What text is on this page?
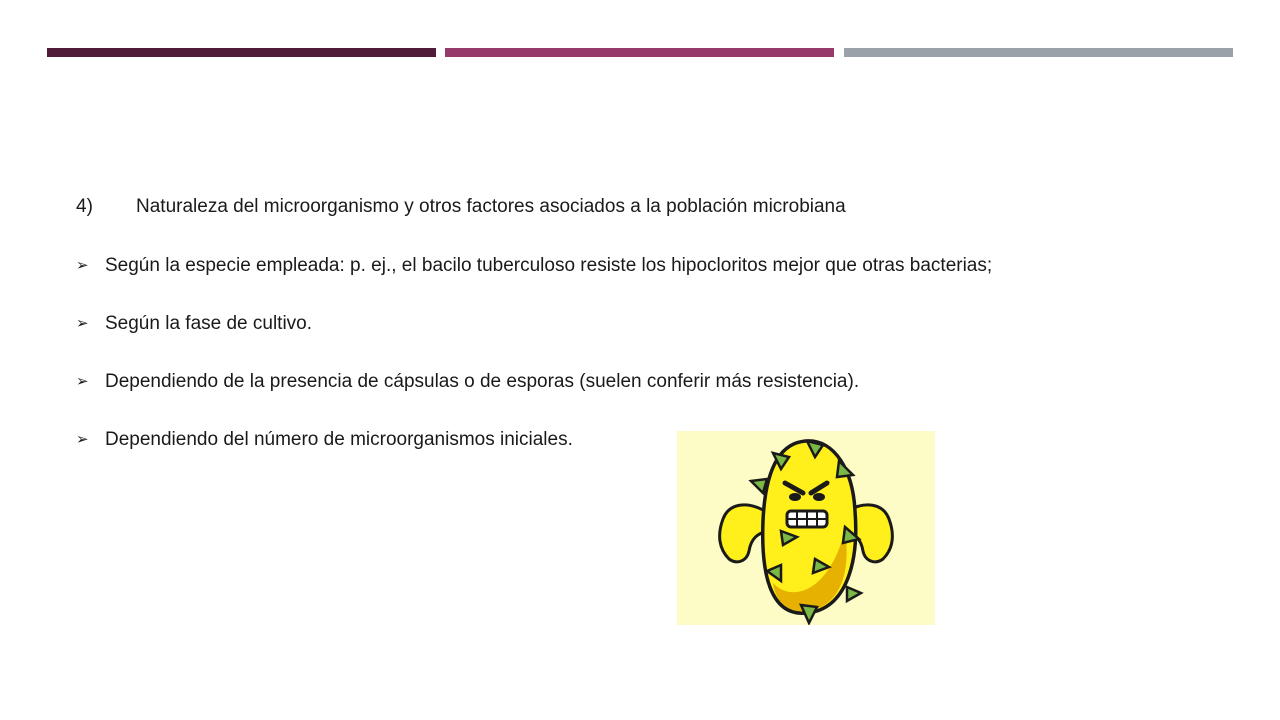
4) Naturaleza del microorganismo y otros factores asociados a la población microbiana
➢ Según la especie empleada: p. ej., el bacilo tuberculoso resiste los hipocloritos mejor que otras bacterias;
➢ Según la fase de cultivo.
➢ Dependiendo de la presencia de cápsulas o de esporas (suelen conferir más resistencia).
➢ Dependiendo del número de microorganismos iniciales.
